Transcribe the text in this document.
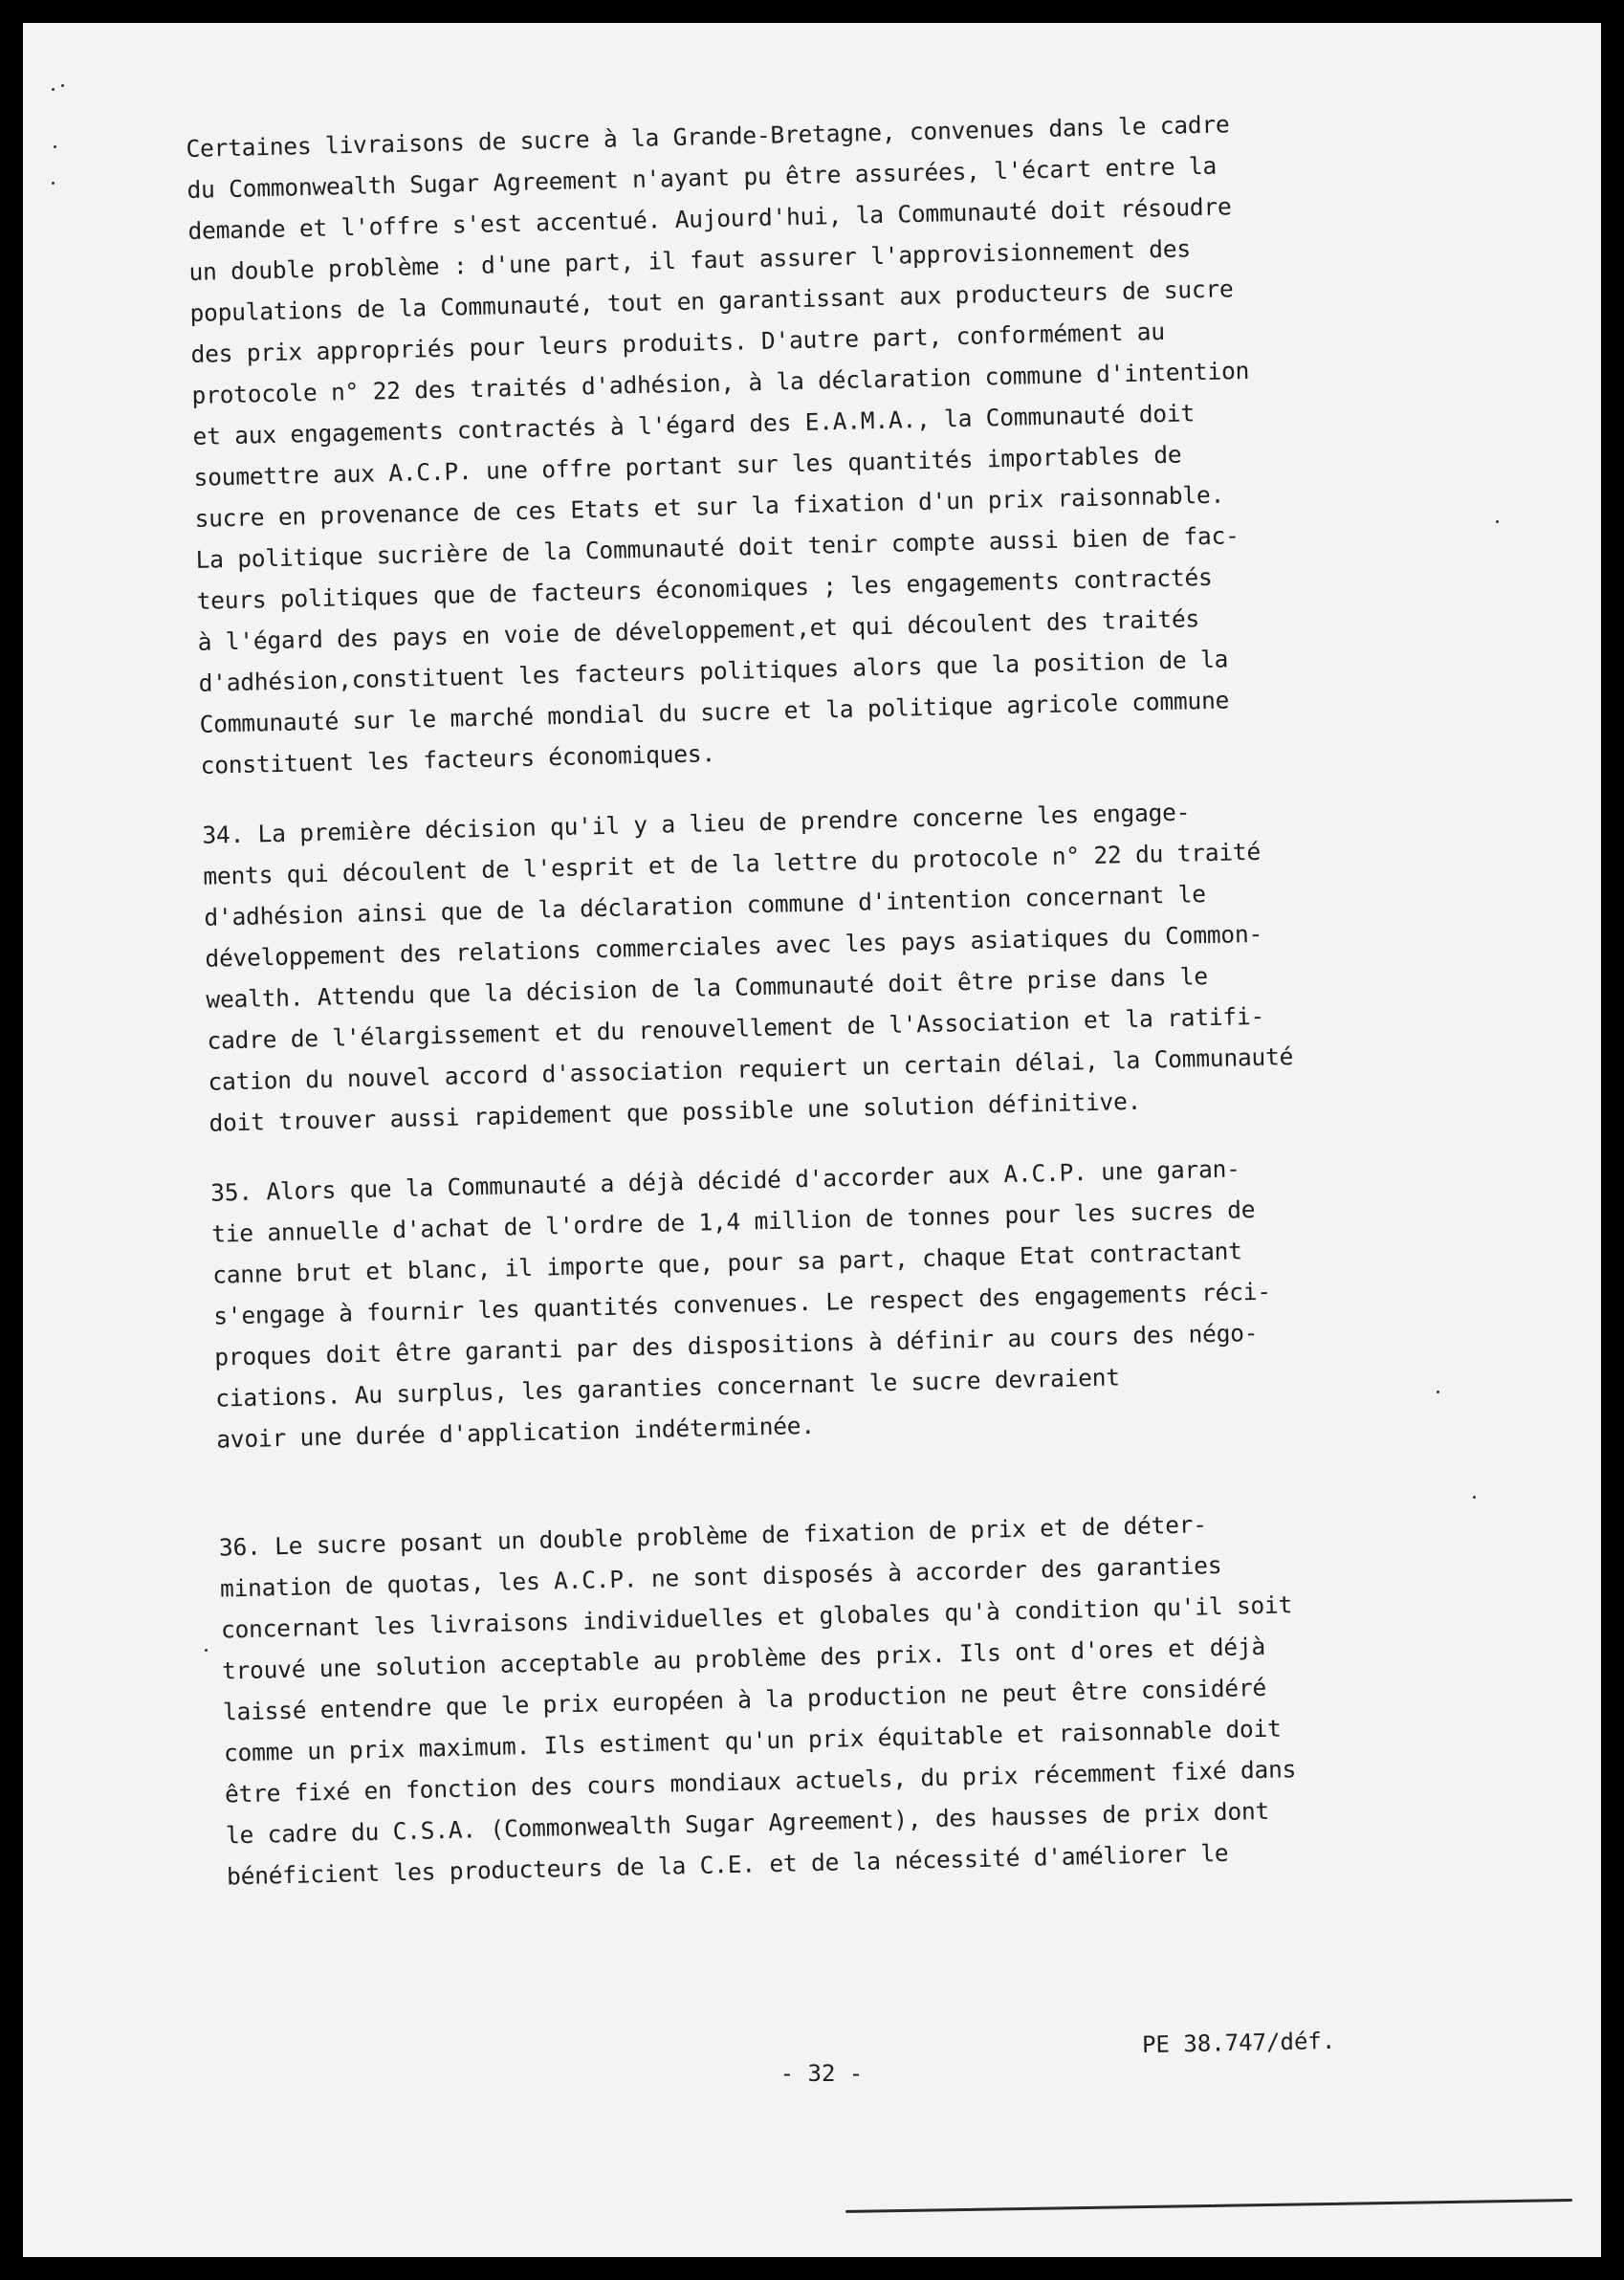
Certaines livraisons de sucre à la Grande-Bretagne, convenues dans le cadre
du Commonwealth Sugar Agreement n'ayant pu être assurées, l'écart entre la
demande et l'offre s'est accentué. Aujourd'hui, la Communauté doit résoudre
un double problème : d'une part, il faut assurer l'approvisionnement des
populations de la Communauté, tout en garantissant aux producteurs de sucre
des prix appropriés pour leurs produits. D'autre part, conformément au
protocole n° 22 des traités d'adhésion, à la déclaration commune d'intention
et aux engagements contractés à l'égard des E.A.M.A., la Communauté doit
soumettre aux A.C.P. une offre portant sur les quantités importables de
sucre en provenance de ces Etats et sur la fixation d'un prix raisonnable.
La politique sucrière de la Communauté doit tenir compte aussi bien de fac-
teurs politiques que de facteurs économiques ; les engagements contractés
à l'égard des pays en voie de développement,et qui découlent des traités
d'adhésion,constituent les facteurs politiques alors que la position de la
Communauté sur le marché mondial du sucre et la politique agricole commune
constituent les facteurs économiques.
34. La première décision qu'il y a lieu de prendre concerne les engage-
ments qui découlent de l'esprit et de la lettre du protocole n° 22 du traité
d'adhésion ainsi que de la déclaration commune d'intention concernant le
développement des relations commerciales avec les pays asiatiques du Common-
wealth. Attendu que la décision de la Communauté doit être prise dans le
cadre de l'élargissement et du renouvellement de l'Association et la ratifi-
cation du nouvel accord d'association requiert un certain délai, la Communauté
doit trouver aussi rapidement que possible une solution définitive.
35. Alors que la Communauté a déjà décidé d'accorder aux A.C.P. une garan-
tie annuelle d'achat de l'ordre de 1,4 million de tonnes pour les sucres de
canne brut et blanc, il importe que, pour sa part, chaque Etat contractant
s'engage à fournir les quantités convenues. Le respect des engagements réci-
proques doit être garanti par des dispositions à définir au cours des négo-
ciations. Au surplus, les garanties concernant le sucre devraient
avoir une durée d'application indéterminée.
36. Le sucre posant un double problème de fixation de prix et de déter-
mination de quotas, les A.C.P. ne sont disposés à accorder des garanties
concernant les livraisons individuelles et globales qu'à condition qu'il soit
trouvé une solution acceptable au problème des prix. Ils ont d'ores et déjà
laissé entendre que le prix européen à la production ne peut être considéré
comme un prix maximum. Ils estiment qu'un prix équitable et raisonnable doit
être fixé en fonction des cours mondiaux actuels, du prix récemment fixé dans
le cadre du C.S.A. (Commonwealth Sugar Agreement), des hausses de prix dont
bénéficient les producteurs de la C.E. et de la nécessité d'améliorer le
PE 38.747/déf.
- 32 -
